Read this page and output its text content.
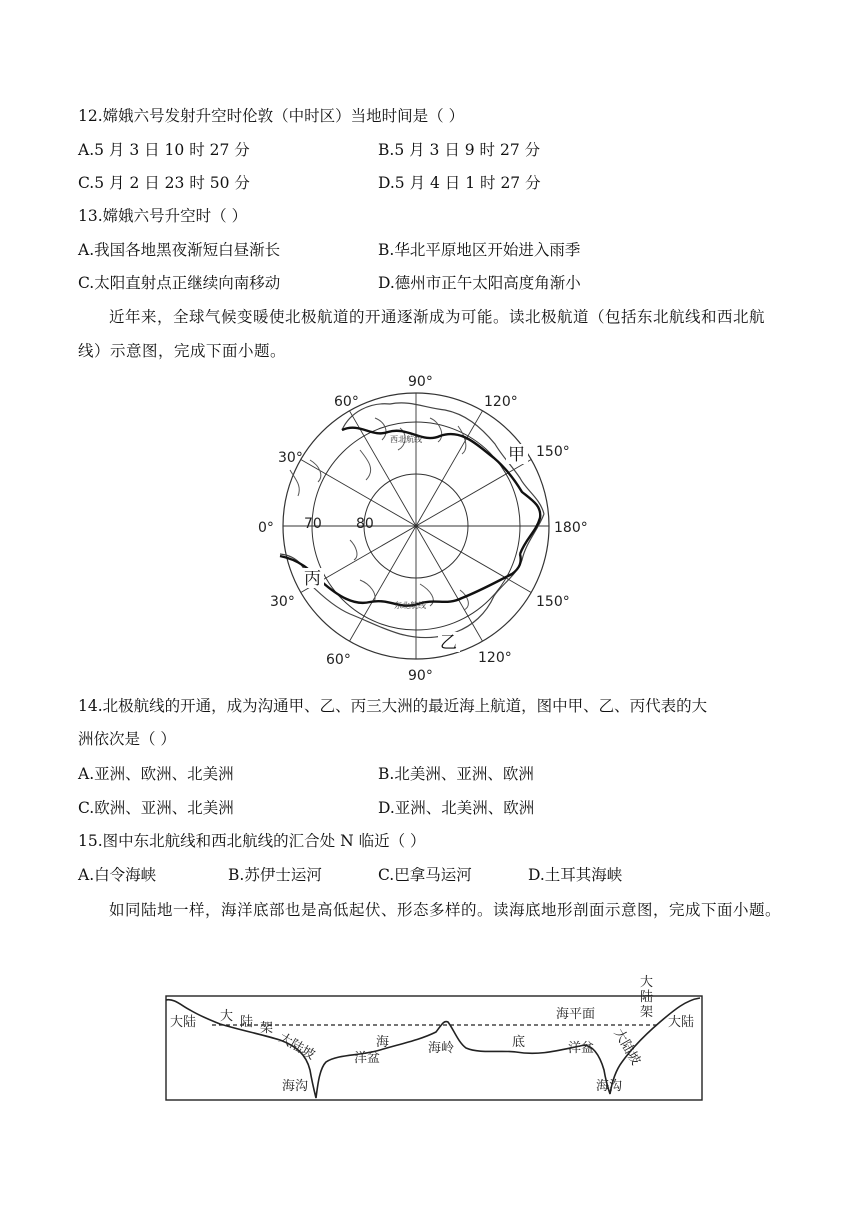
12.嫦娥六号发射升空时伦敦（中时区）当地时间是（ ）
A.5 月 3 日 10 时 27 分	B.5 月 3 日 9 时 27 分
C.5 月 2 日 23 时 50 分	D.5 月 4 日 1 时 27 分
13.嫦娥六号升空时（ ）
A.我国各地黑夜渐短白昼渐长	B.华北平原地区开始进入雨季
C.太阳直射点正继续向南移动	D.德州市正午太阳高度角渐小
近年来，全球气候变暖使北极航道的开通逐渐成为可能。读北极航道（包括东北航线和西北航线）示意图，完成下面小题。
90°
90°
0°	180°
60°
30°
30°
60°
120°
150°
150°
120°
70 80
甲
丙
乙
西北航线
东北航线
14.北极航线的开通，成为沟通甲、乙、丙三大洲的最近海上航道，图中甲、乙、丙代表的大
洲依次是（ ）
A.亚洲、欧洲、北美洲	B.北美洲、亚洲、欧洲
C.欧洲、亚洲、北美洲	D.亚洲、北美洲、欧洲
15.图中东北航线和西北航线的汇合处 N 临近（ ）
A.白令海峡	B.苏伊士运河	C.巴拿马运河	D.土耳其海峡
如同陆地一样，海洋底部也是高低起伏、形态多样的。读海底地形剖面示意图，完成下面小题。
大陆 大 陆 架
大陆坡
海沟
洋盆
海	海岭	底
海平面
洋盆
大
陆
架
大陆坡
大陆
海沟
